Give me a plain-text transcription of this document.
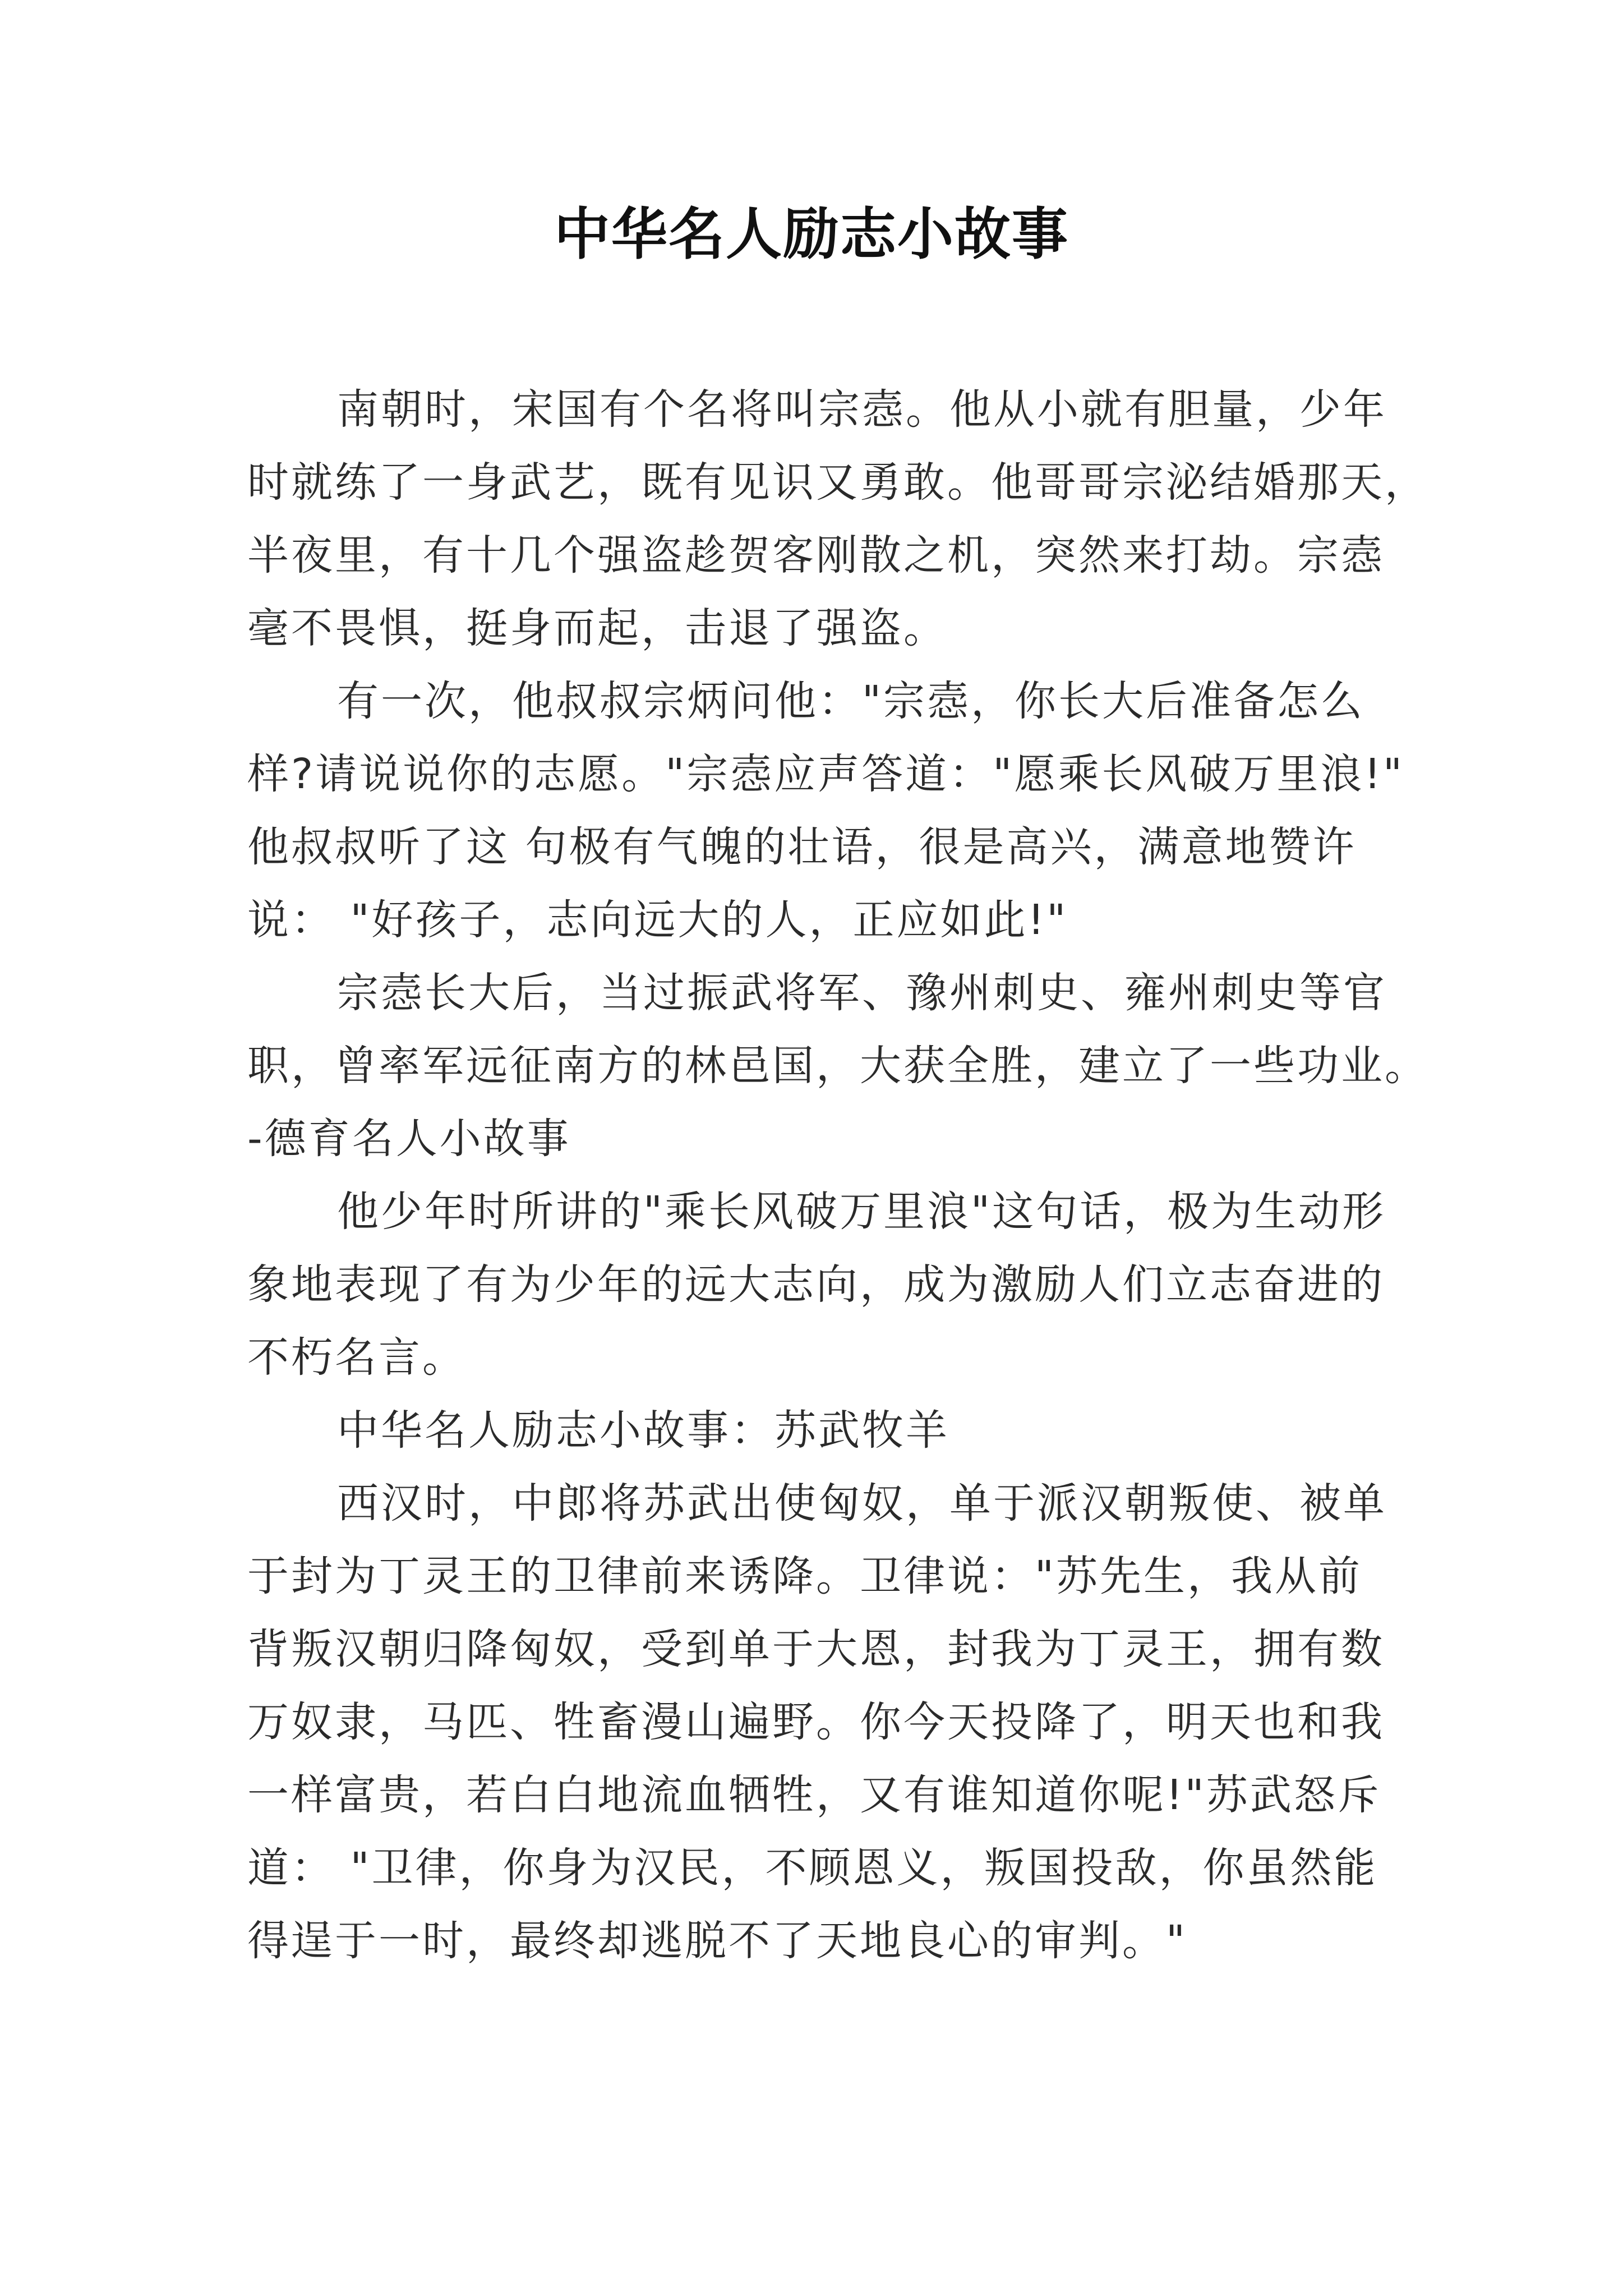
中华名人励志小故事

南朝时，宋国有个名将叫宗悫。他从小就有胆量，少年
时就练了一身武艺，既有见识又勇敢。他哥哥宗泌结婚那天，
半夜里，有十几个强盗趁贺客刚散之机，突然来打劫。宗悫
毫不畏惧，挺身而起，击退了强盗。

有一次，他叔叔宗炳问他："宗悫，你长大后准备怎么
样?请说说你的志愿。"宗悫应声答道："愿乘长风破万里浪!"
他叔叔听了这 句极有气魄的壮语，很是高兴，满意地赞许
说： "好孩子，志向远大的人，正应如此!"

宗悫长大后，当过振武将军、豫州刺史、雍州刺史等官
职，曾率军远征南方的林邑国，大获全胜，建立了一些功业。
-德育名人小故事

他少年时所讲的"乘长风破万里浪"这句话，极为生动形
象地表现了有为少年的远大志向，成为激励人们立志奋进的
不朽名言。

中华名人励志小故事：苏武牧羊

西汉时，中郎将苏武出使匈奴，单于派汉朝叛使、被单
于封为丁灵王的卫律前来诱降。卫律说："苏先生，我从前
背叛汉朝归降匈奴，受到单于大恩，封我为丁灵王，拥有数
万奴隶，马匹、牲畜漫山遍野。你今天投降了，明天也和我
一样富贵，若白白地流血牺牲，又有谁知道你呢!"苏武怒斥
道： "卫律，你身为汉民，不顾恩义，叛国投敌，你虽然能
得逞于一时，最终却逃脱不了天地良心的审判。"
